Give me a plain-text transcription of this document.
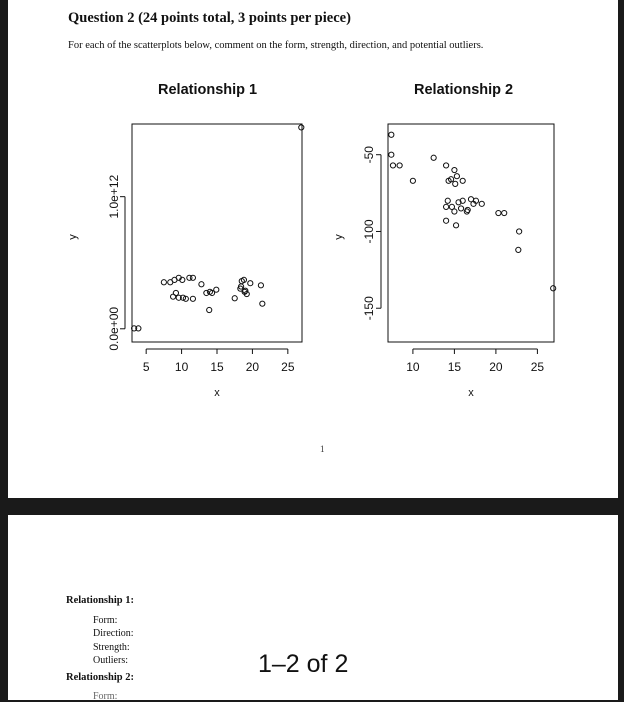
Question 2 (24 points total, 3 points per piece)
For each of the scatterplots below, comment on the form, strength, direction, and potential outliers.
Relationship 1	Relationship 2
5 10 15 20 25
x
0.0e+00
1.0e+12
y
10 15 20 25
x
-150
-100
-50
y
1
Relationship 1:
Form:
Direction:
Strength:
Outliers:
Relationship 2:
Form:
1–2 of 2
